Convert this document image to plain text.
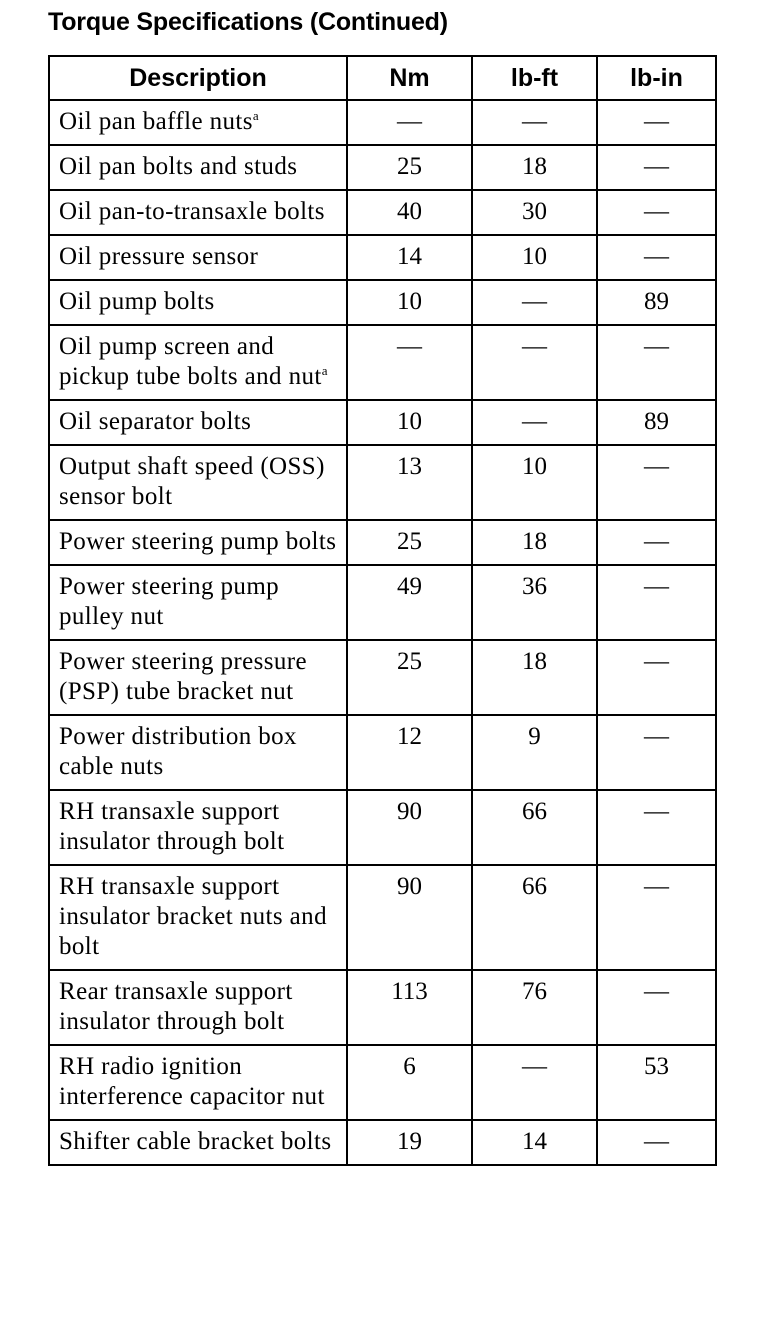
Torque Specifications (Continued)
Description	Nm	lb-ft	lb-in
Oil pan baffle nuts$^a$	—	—	—
Oil pan bolts and studs	25	18	—
Oil pan-to-transaxle bolts	40	30	—
Oil pressure sensor	14	10	—
Oil pump bolts	10	—	89
Oil pump screen and pickup tube bolts and nut$^a$	—	—	—
Oil separator bolts	10	—	89
Output shaft speed (OSS) sensor bolt	13	10	—
Power steering pump bolts	25	18	—
Power steering pump pulley nut	49	36	—
Power steering pressure (PSP) tube bracket nut	25	18	—
Power distribution box cable nuts	12	9	—
RH transaxle support insulator through bolt	90	66	—
RH transaxle support insulator bracket nuts and bolt	90	66	—
Rear transaxle support insulator through bolt	113	76	—
RH radio ignition interference capacitor nut	6	—	53
Shifter cable bracket bolts	19	14	—
